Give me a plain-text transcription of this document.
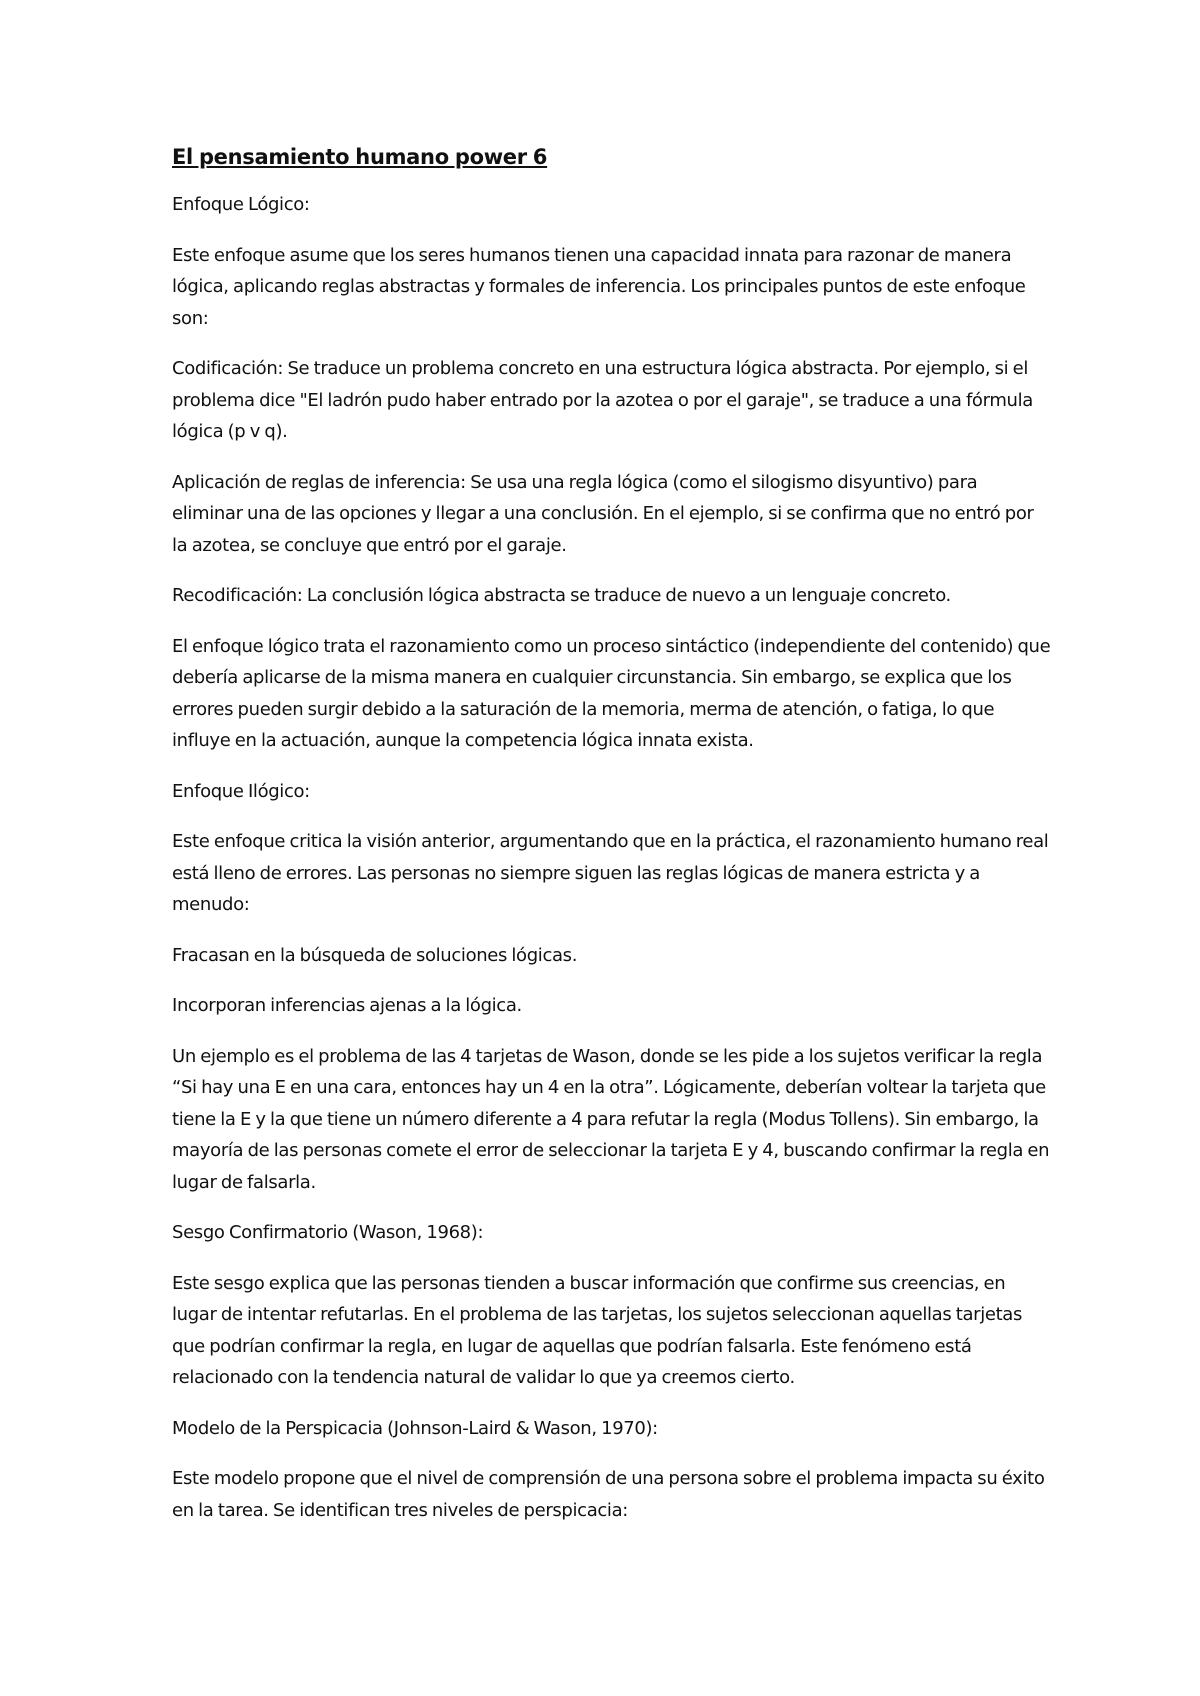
El pensamiento humano power 6
Enfoque Lógico:
Este enfoque asume que los seres humanos tienen una capacidad innata para razonar de manera lógica, aplicando reglas abstractas y formales de inferencia. Los principales puntos de este enfoque son:
Codificación: Se traduce un problema concreto en una estructura lógica abstracta. Por ejemplo, si el problema dice "El ladrón pudo haber entrado por la azotea o por el garaje", se traduce a una fórmula lógica (p v q).
Aplicación de reglas de inferencia: Se usa una regla lógica (como el silogismo disyuntivo) para eliminar una de las opciones y llegar a una conclusión. En el ejemplo, si se confirma que no entró por la azotea, se concluye que entró por el garaje.
Recodificación: La conclusión lógica abstracta se traduce de nuevo a un lenguaje concreto.
El enfoque lógico trata el razonamiento como un proceso sintáctico (independiente del contenido) que debería aplicarse de la misma manera en cualquier circunstancia. Sin embargo, se explica que los errores pueden surgir debido a la saturación de la memoria, merma de atención, o fatiga, lo que influye en la actuación, aunque la competencia lógica innata exista.
Enfoque Ilógico:
Este enfoque critica la visión anterior, argumentando que en la práctica, el razonamiento humano real está lleno de errores. Las personas no siempre siguen las reglas lógicas de manera estricta y a menudo:
Fracasan en la búsqueda de soluciones lógicas.
Incorporan inferencias ajenas a la lógica.
Un ejemplo es el problema de las 4 tarjetas de Wason, donde se les pide a los sujetos verificar la regla “Si hay una E en una cara, entonces hay un 4 en la otra”. Lógicamente, deberían voltear la tarjeta que tiene la E y la que tiene un número diferente a 4 para refutar la regla (Modus Tollens). Sin embargo, la mayoría de las personas comete el error de seleccionar la tarjeta E y 4, buscando confirmar la regla en lugar de falsarla.
Sesgo Confirmatorio (Wason, 1968):
Este sesgo explica que las personas tienden a buscar información que confirme sus creencias, en lugar de intentar refutarlas. En el problema de las tarjetas, los sujetos seleccionan aquellas tarjetas que podrían confirmar la regla, en lugar de aquellas que podrían falsarla. Este fenómeno está relacionado con la tendencia natural de validar lo que ya creemos cierto.
Modelo de la Perspicacia (Johnson-Laird & Wason, 1970):
Este modelo propone que el nivel de comprensión de una persona sobre el problema impacta su éxito en la tarea. Se identifican tres niveles de perspicacia:
